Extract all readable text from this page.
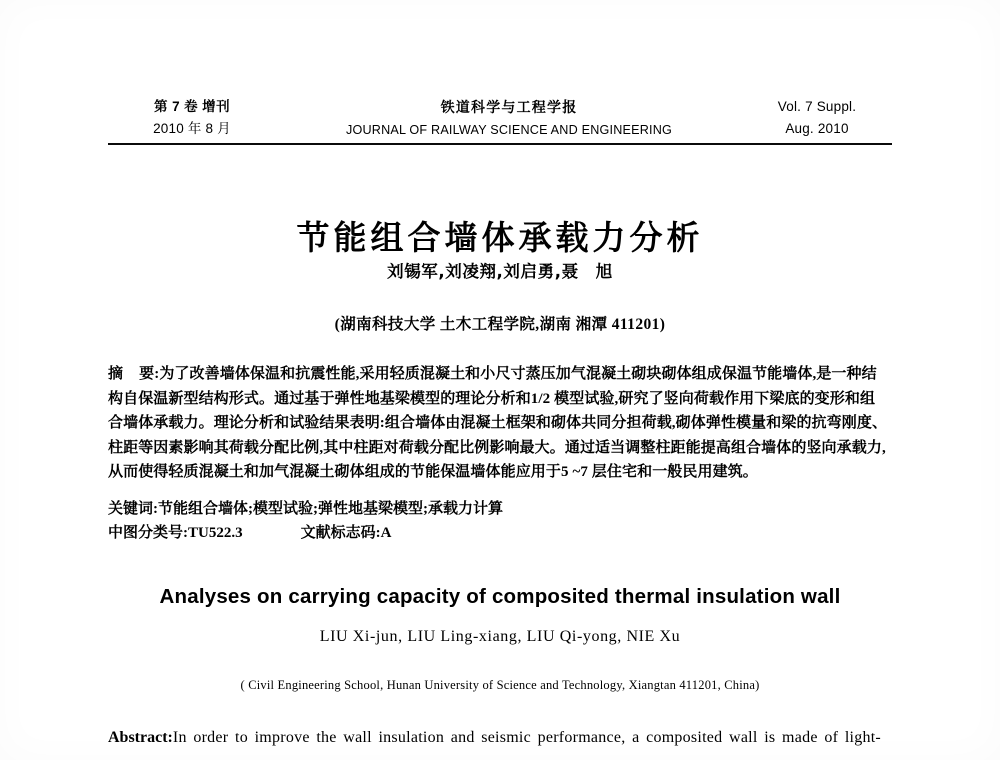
第 7 卷 增刊
2010 年 8 月
铁道科学与工程学报
JOURNAL OF RAILWAY SCIENCE AND ENGINEERING
Vol. 7 Suppl.
Aug. 2010
节能组合墙体承载力分析
刘锡军,刘凌翔,刘启勇,聂　旭
(湖南科技大学 土木工程学院,湖南 湘潭 411201)
摘 要:为了改善墙体保温和抗震性能,采用轻质混凝土和小尺寸蒸压加气混凝土砌块砌体组成保温节能墙体,是一种结 构自保温新型结构形式。通过基于弹性地基梁模型的理论分析和1/2 模型试验,研究了竖向荷载作用下梁底的变形和组 合墙体承载力。理论分析和试验结果表明:组合墙体由混凝土框架和砌体共同分担荷载,砌体弹性模量和梁的抗弯刚度、 柱距等因素影响其荷载分配比例,其中柱距对荷载分配比例影响最大。通过适当调整柱距能提高组合墙体的竖向承载力, 从而使得轻质混凝土和加气混凝土砌体组成的节能保温墙体能应用于5 ~7 层住宅和一般民用建筑。
关键词:节能组合墙体;模型试验;弹性地基梁模型;承载力计算
中图分类号:TU522.3	文献标志码:A
Analyses on carrying capacity of composited thermal insulation wall
LIU Xi-jun, LIU Ling-xiang, LIU Qi-yong, NIE Xu
( Civil Engineering School, Hunan University of Science and Technology, Xiangtan 411201, China)
Abstract:In order to improve the wall insulation and seismic performance, a composited wall is made of light-
